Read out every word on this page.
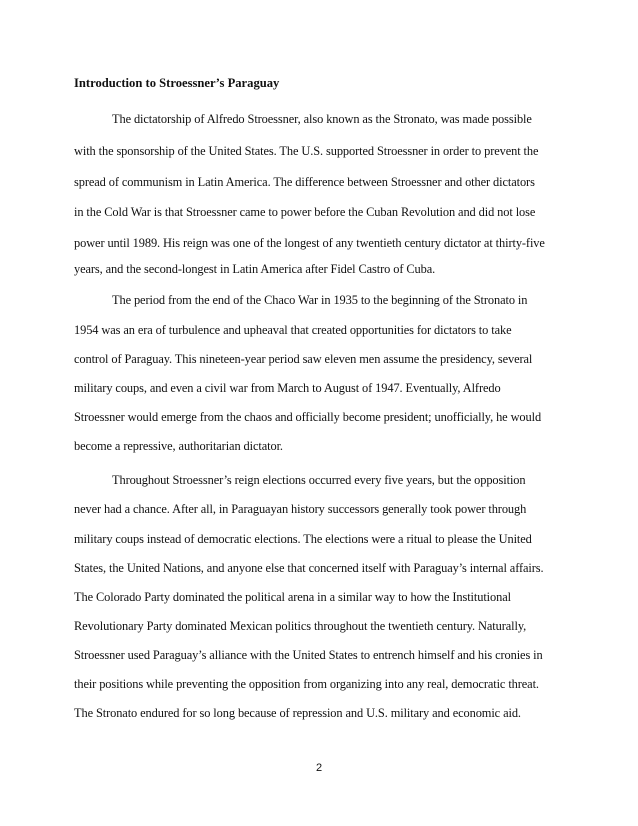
Introduction to Stroessner’s Paraguay
The dictatorship of Alfredo Stroessner, also known as the Stronato, was made possible
with the sponsorship of the United States. The U.S. supported Stroessner in order to prevent the
spread of communism in Latin America. The difference between Stroessner and other dictators
in the Cold War is that Stroessner came to power before the Cuban Revolution and did not lose
power until 1989. His reign was one of the longest of any twentieth century dictator at thirty-five
years, and the second-longest in Latin America after Fidel Castro of Cuba.
The period from the end of the Chaco War in 1935 to the beginning of the Stronato in
1954 was an era of turbulence and upheaval that created opportunities for dictators to take
control of Paraguay. This nineteen-year period saw eleven men assume the presidency, several
military coups, and even a civil war from March to August of 1947. Eventually, Alfredo
Stroessner would emerge from the chaos and officially become president; unofficially, he would
become a repressive, authoritarian dictator.
Throughout Stroessner’s reign elections occurred every five years, but the opposition
never had a chance. After all, in Paraguayan history successors generally took power through
military coups instead of democratic elections. The elections were a ritual to please the United
States, the United Nations, and anyone else that concerned itself with Paraguay’s internal affairs.
The Colorado Party dominated the political arena in a similar way to how the Institutional
Revolutionary Party dominated Mexican politics throughout the twentieth century. Naturally,
Stroessner used Paraguay’s alliance with the United States to entrench himself and his cronies in
their positions while preventing the opposition from organizing into any real, democratic threat.
The Stronato endured for so long because of repression and U.S. military and economic aid.
2
